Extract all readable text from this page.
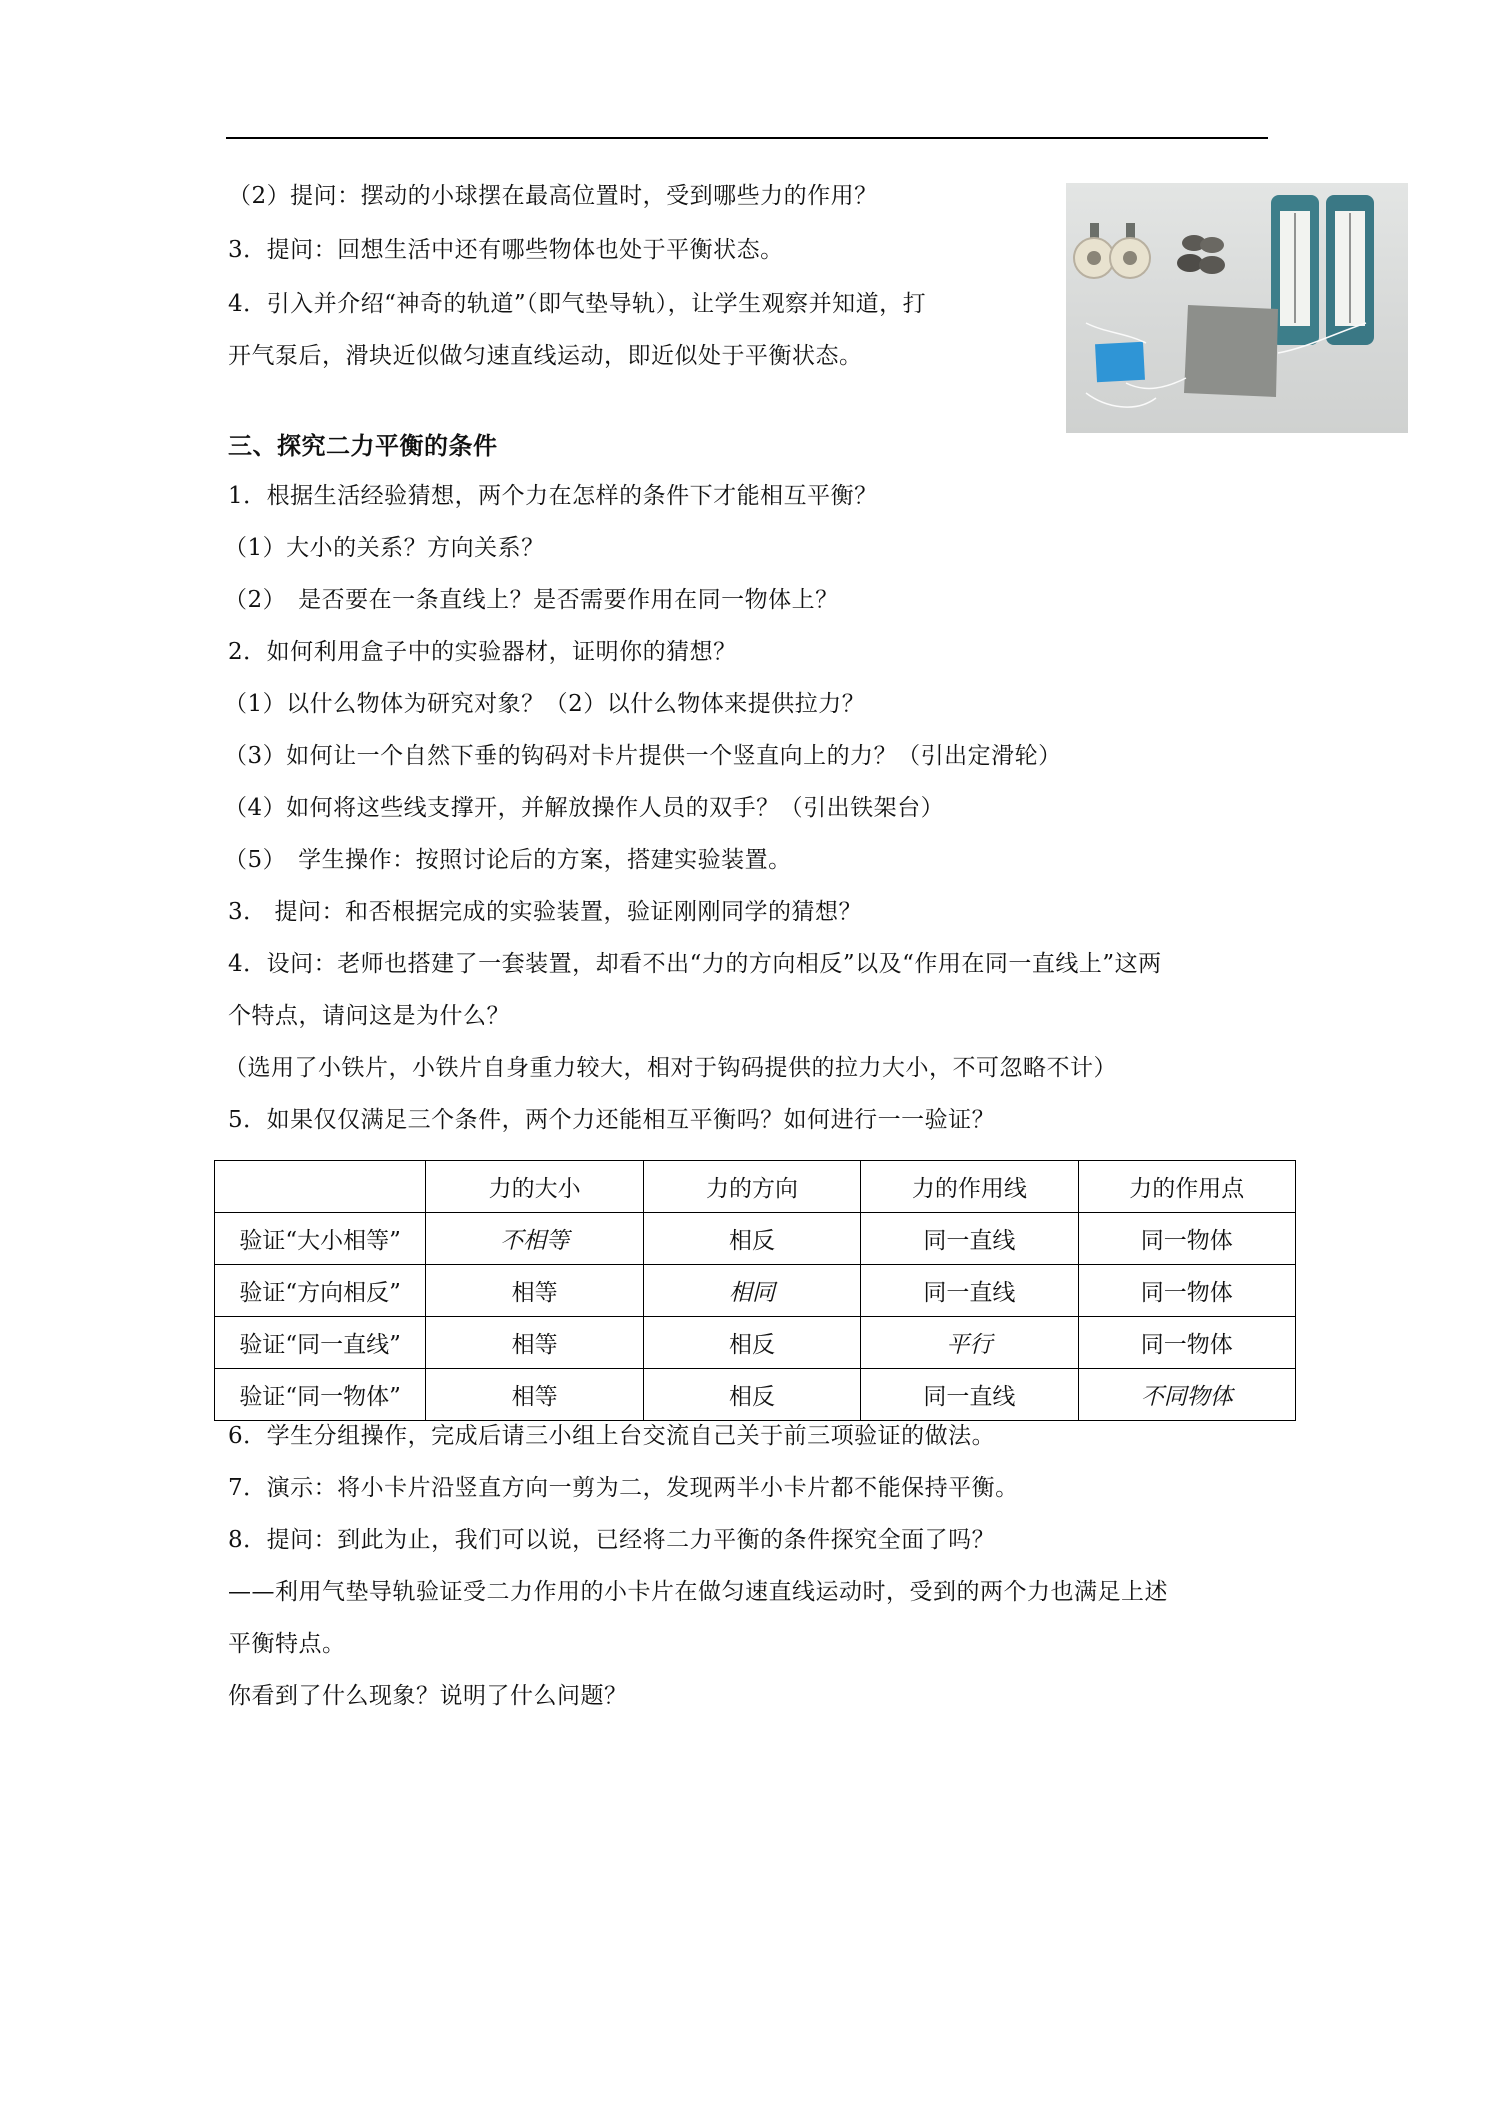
（2）提问：摆动的小球摆在最高位置时，受到哪些力的作用？
3．提问：回想生活中还有哪些物体也处于平衡状态。
4．引入并介绍“神奇的轨道”（即气垫导轨），让学生观察并知道，打
开气泵后，滑块近似做匀速直线运动，即近似处于平衡状态。
三、探究二力平衡的条件
1．根据生活经验猜想，两个力在怎样的条件下才能相互平衡？
（1）大小的关系？方向关系？
（2）　是否要在一条直线上？是否需要作用在同一物体上？
2．如何利用盒子中的实验器材，证明你的猜想？
（1）以什么物体为研究对象？（2）以什么物体来提供拉力？
（3）如何让一个自然下垂的钩码对卡片提供一个竖直向上的力？（引出定滑轮）
（4）如何将这些线支撑开，并解放操作人员的双手？（引出铁架台）
（5）　学生操作：按照讨论后的方案，搭建实验装置。
3． 提问：和否根据完成的实验装置，验证刚刚同学的猜想？
4．设问：老师也搭建了一套装置，却看不出“力的方向相反”以及“作用在同一直线上”这两
个特点，请问这是为什么？
（选用了小铁片，小铁片自身重力较大，相对于钩码提供的拉力大小，不可忽略不计）
5．如果仅仅满足三个条件，两个力还能相互平衡吗？如何进行一一验证？
	力的大小	力的方向	力的作用线	力的作用点
验证“大小相等”	不相等	相反	同一直线	同一物体
验证“方向相反”	相等	相同	同一直线	同一物体
验证“同一直线”	相等	相反	平行	同一物体
验证“同一物体”	相等	相反	同一直线	不同物体
6．学生分组操作，完成后请三小组上台交流自己关于前三项验证的做法。
7．演示：将小卡片沿竖直方向一剪为二，发现两半小卡片都不能保持平衡。
8．提问：到此为止，我们可以说，已经将二力平衡的条件探究全面了吗？
——利用气垫导轨验证受二力作用的小卡片在做匀速直线运动时，受到的两个力也满足上述
平衡特点。
你看到了什么现象？说明了什么问题？
